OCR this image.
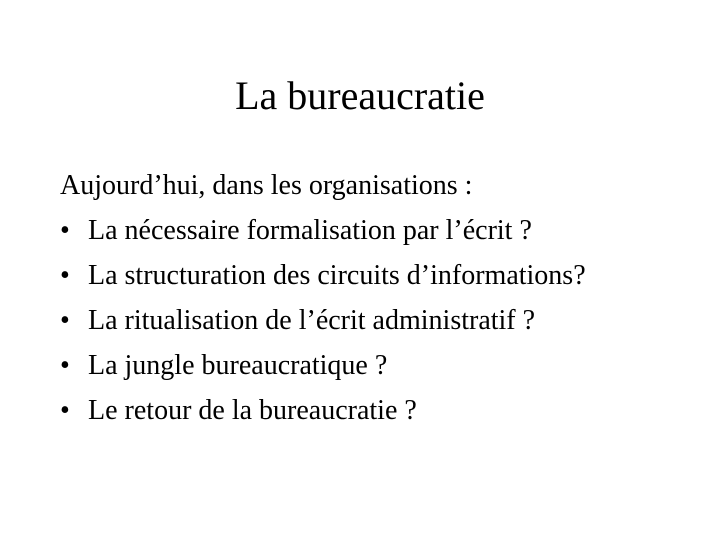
La bureaucratie
Aujourd’hui, dans les organisations :
• La nécessaire formalisation par l’écrit ?
• La structuration des circuits d’informations?
• La ritualisation de l’écrit administratif ?
• La jungle bureaucratique ?
• Le retour de la bureaucratie ?
